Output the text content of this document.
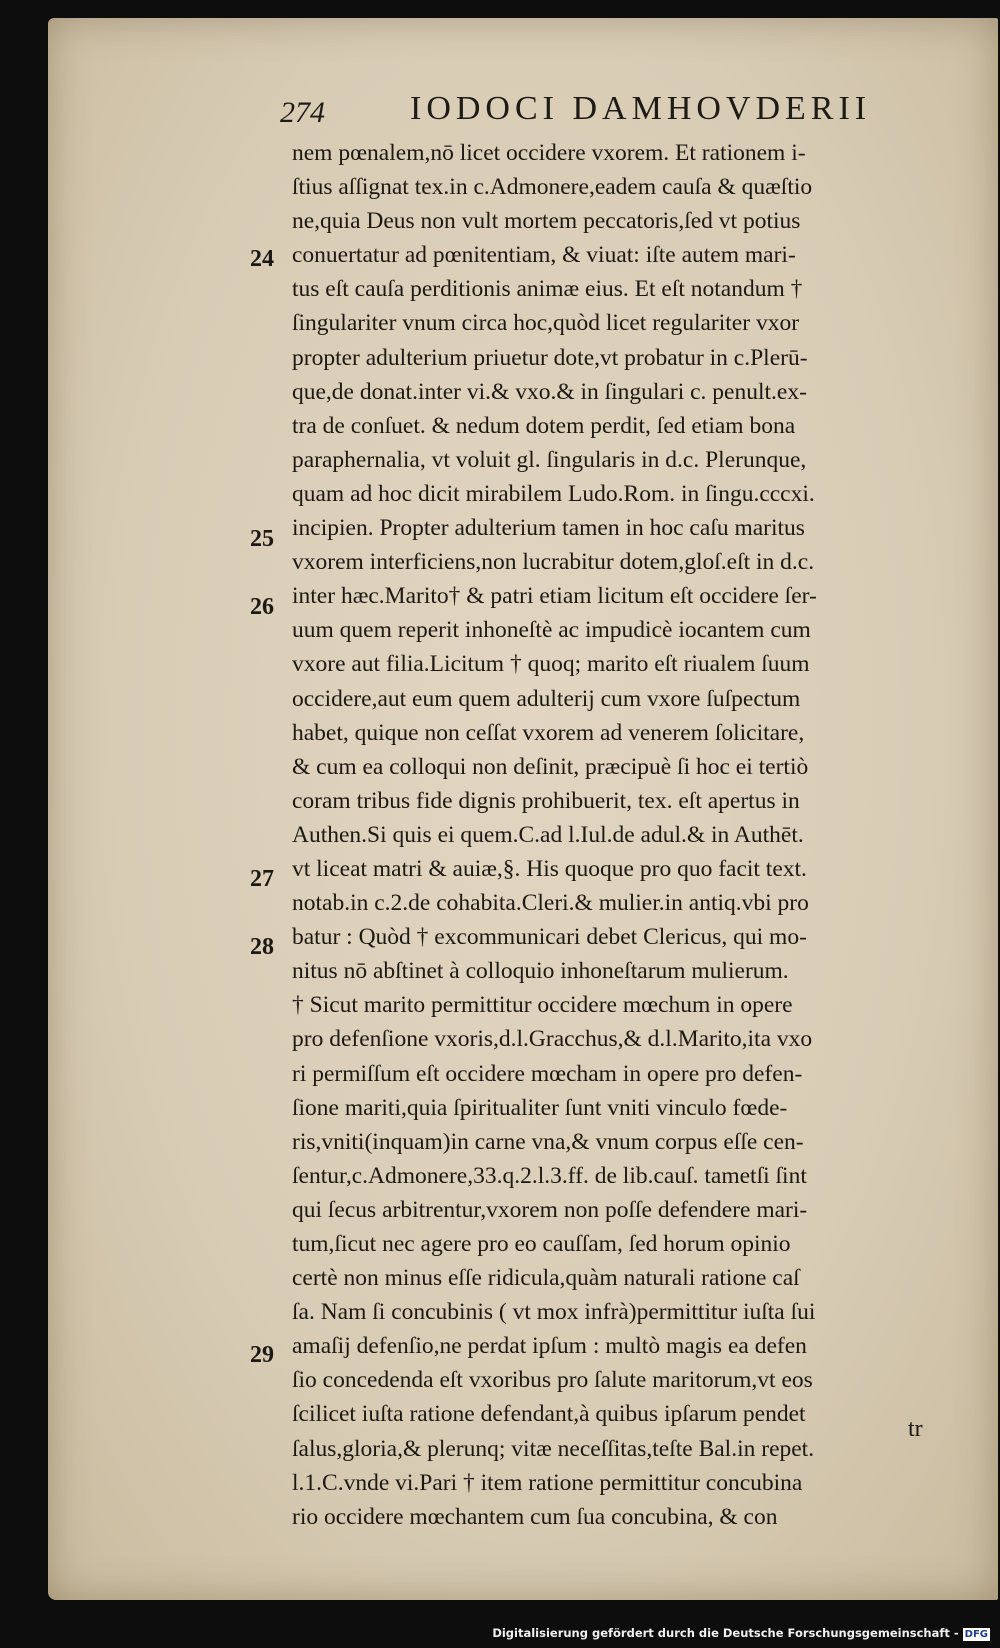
274	IODOCI DAMHOVDERII
nem pœnalem,nō licet occidere vxorem. Et rationem i-
ſtius aſſignat tex.in c.Admonere,eadem cauſa & quæſtio
ne,quia Deus non vult mortem peccatoris,ſed vt potius
conuertatur ad pœnitentiam, & viuat: iſte autem mari-
tus eſt cauſa perditionis animæ eius. Et eſt notandum †
ſingulariter vnum circa hoc,quòd licet regulariter vxor
propter adulterium priuetur dote,vt probatur in c.Plerū-
que,de donat.inter vi.& vxo.& in ſingulari c. penult.ex-
tra de conſuet. & nedum dotem perdit, ſed etiam bona
paraphernalia, vt voluit gl. ſingularis in d.c. Plerunque,
quam ad hoc dicit mirabilem Ludo.Rom. in ſingu.cccxi.
incipien. Propter adulterium tamen in hoc caſu maritus
vxorem interficiens,non lucrabitur dotem,gloſ.eſt in d.c.
inter hæc.Marito† & patri etiam licitum eſt occidere ſer-
uum quem reperit inhoneſtè ac impudicè iocantem cum
vxore aut filia.Licitum † quoq; marito eſt riualem ſuum
occidere,aut eum quem adulterij cum vxore ſuſpectum
habet, quique non ceſſat vxorem ad venerem ſolicitare,
& cum ea colloqui non deſinit, præcipuè ſi hoc ei tertiò
coram tribus fide dignis prohibuerit, tex. eſt apertus in
Authen.Si quis ei quem.C.ad l.Iul.de adul.& in Authēt.
vt liceat matri & auiæ,§. His quoque pro quo facit text.
notab.in c.2.de cohabita.Cleri.& mulier.in antiq.vbi pro
batur : Quòd † excommunicari debet Clericus, qui mo-
nitus nō abſtinet à colloquio inhoneſtarum mulierum.
† Sicut marito permittitur occidere mœchum in opere
pro defenſione vxoris,d.l.Gracchus,& d.l.Marito,ita vxo
ri permiſſum eſt occidere mœcham in opere pro defen-
ſione mariti,quia ſpiritualiter ſunt vniti vinculo fœde-
ris,vniti(inquam)in carne vna,& vnum corpus eſſe cen-
ſentur,c.Admonere,33.q.2.l.3.ff. de lib.cauſ. tametſi ſint
qui ſecus arbitrentur,vxorem non poſſe defendere mari-
tum,ſicut nec agere pro eo cauſſam, ſed horum opinio
certè non minus eſſe ridicula,quàm naturali ratione caſ
ſa. Nam ſi concubinis ( vt mox infrà)permittitur iuſta ſui
amaſij defenſio,ne perdat ipſum : multò magis ea defen
ſio concedenda eſt vxoribus pro ſalute maritorum,vt eos
ſcilicet iuſta ratione defendant,à quibus ipſarum pendet
ſalus,gloria,& plerunq; vitæ neceſſitas,teſte Bal.in repet.
l.1.C.vnde vi.Pari † item ratione permittitur concubina
rio occidere mœchantem cum ſua concubina, & con
24
25
26
27
28
29
tr
Digitalisierung gefördert durch die Deutsche Forschungsgemeinschaft - DFG
